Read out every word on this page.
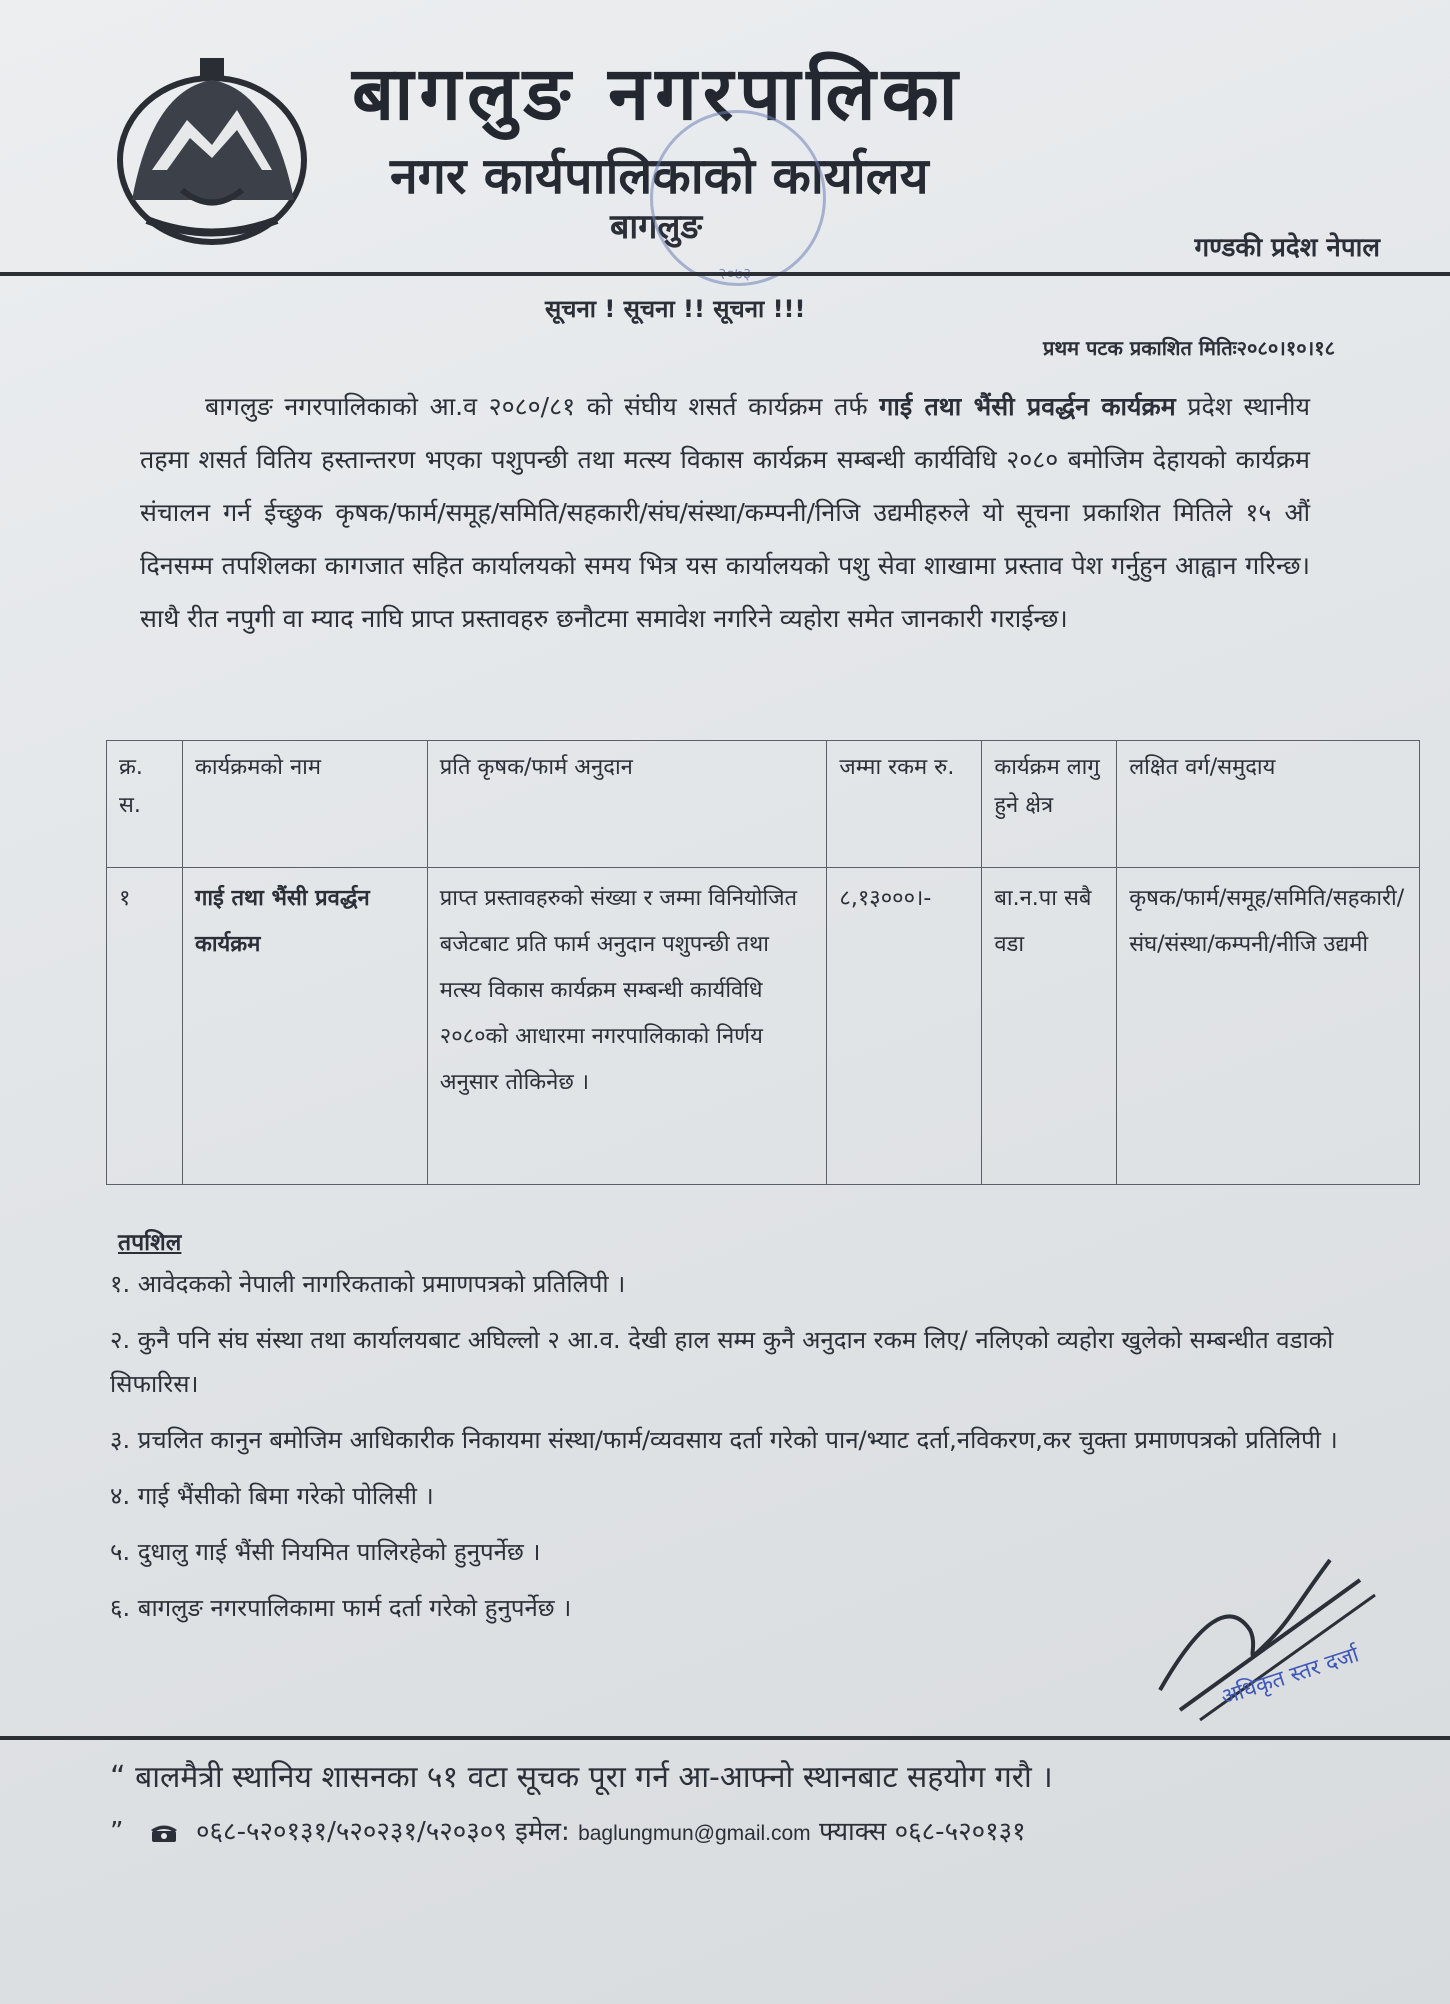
बागलुङ नगरपालिका
नगर कार्यपालिकाको कार्यालय
बागलुङ
गण्डकी प्रदेश नेपाल
सूचना ! सूचना !! सूचना !!!
प्रथम पटक प्रकाशित मितिः२०८०।१०।१८
बागलुङ नगरपालिकाको आ.व २०८०/८१ को संघीय शसर्त कार्यक्रम तर्फ गाई तथा भैंसी प्रवर्द्धन कार्यक्रम प्रदेश स्थानीय तहमा शसर्त वितिय हस्तान्तरण भएका पशुपन्छी तथा मत्स्य विकास कार्यक्रम सम्बन्धी कार्यविधि २०८० बमोजिम देहायको कार्यक्रम संचालन गर्न ईच्छुक कृषक/फार्म/समूह/समिति/सहकारी/संघ/संस्था/कम्पनी/निजि उद्यमीहरुले यो सूचना प्रकाशित मितिले १५ औं दिनसम्म तपशिलका कागजात सहित कार्यालयको समय भित्र यस कार्यालयको पशु सेवा शाखामा प्रस्ताव पेश गर्नुहुन आह्वान गरिन्छ। साथै रीत नपुगी वा म्याद नाघि प्राप्त प्रस्तावहरु छनौटमा समावेश नगरिने व्यहोरा समेत जानकारी गराईन्छ।
क्र. स.	कार्यक्रमको नाम	प्रति कृषक/फार्म अनुदान	जम्मा रकम रु.	कार्यक्रम लागु हुने क्षेत्र	लक्षित वर्ग/समुदाय
१	गाई तथा भैंसी प्रवर्द्धन कार्यक्रम	प्राप्त प्रस्तावहरुको संख्या र जम्मा विनियोजित बजेटबाट प्रति फार्म अनुदान पशुपन्छी तथा मत्स्य विकास कार्यक्रम सम्बन्धी कार्यविधि २०८०को आधारमा नगरपालिकाको निर्णय अनुसार तोकिनेछ ।	८,१३०००।-	बा.न.पा सबै वडा	कृषक/फार्म/समूह/समिति/सहकारी/संघ/संस्था/कम्पनी/नीजि उद्यमी
तपशिल
१. आवेदकको नेपाली नागरिकताको प्रमाणपत्रको प्रतिलिपी ।
२. कुनै पनि संघ संस्था तथा कार्यालयबाट अघिल्लो २ आ.व. देखी हाल सम्म कुनै अनुदान रकम लिए/ नलिएको व्यहोरा खुलेको सम्बन्धीत वडाको सिफारिस।
३. प्रचलित कानुन बमोजिम आधिकारीक निकायमा संस्था/फार्म/व्यवसाय दर्ता गरेको पान/भ्याट दर्ता,नविकरण,कर चुक्ता प्रमाणपत्रको प्रतिलिपी ।
४. गाई भैंसीको बिमा गरेको पोलिसी ।
५. दुधालु गाई भैंसी नियमित पालिरहेको हुनुपर्नेछ ।
६. बागलुङ नगरपालिकामा फार्म दर्ता गरेको हुनुपर्नेछ ।
अधिकृत स्तर दर्जा
“ बालमैत्री स्थानिय शासनका ५१ वटा सूचक पूरा गर्न आ-आफ्नो स्थानबाट सहयोग गरौ ।
”	०६८-५२०१३१/५२०२३१/५२०३०९ इमेल: baglungmun@gmail.com फ्याक्स ०६८-५२०१३१
